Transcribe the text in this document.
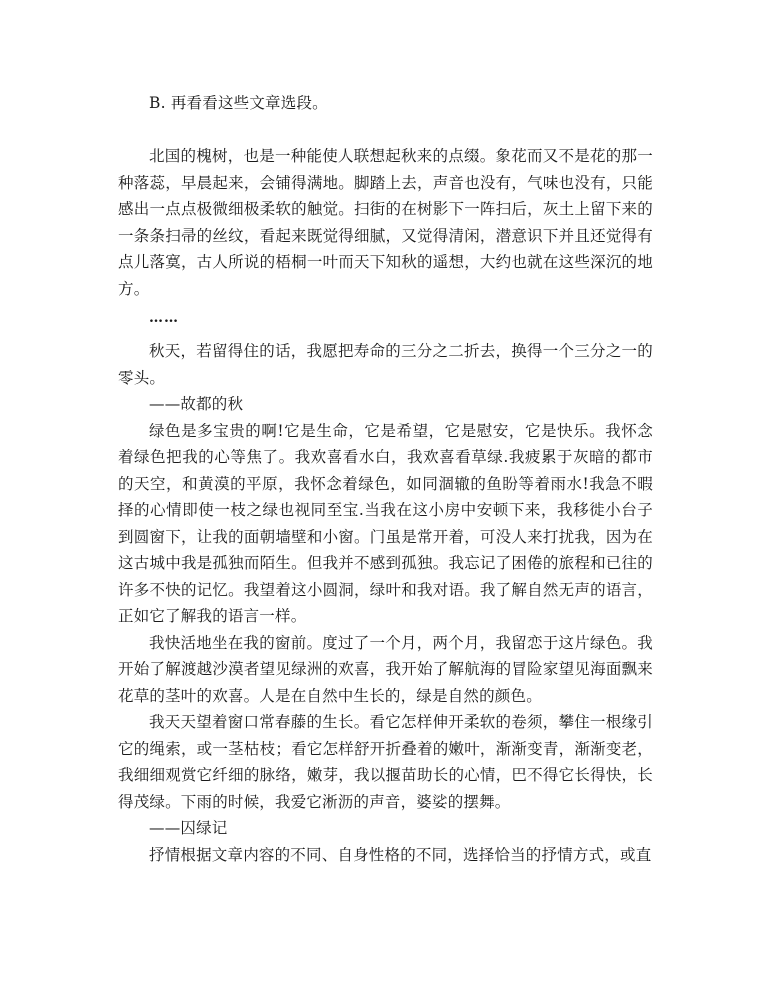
B. 再看看这些文章选段。

北国的槐树，也是一种能使人联想起秋来的点缀。象花而又不是花的那一种落蕊，早晨起来，会铺得满地。脚踏上去，声音也没有，气味也没有，只能感出一点点极微细极柔软的触觉。扫街的在树影下一阵扫后，灰土上留下来的一条条扫帚的丝纹，看起来既觉得细腻，又觉得清闲，潜意识下并且还觉得有点儿落寞，古人所说的梧桐一叶而天下知秋的遥想，大约也就在这些深沉的地方。

……

秋天，若留得住的话，我愿把寿命的三分之二折去，换得一个三分之一的零头。

——故都的秋

绿色是多宝贵的啊!它是生命，它是希望，它是慰安，它是快乐。我怀念着绿色把我的心等焦了。我欢喜看水白，我欢喜看草绿.我疲累于灰暗的都市的天空，和黄漠的平原，我怀念着绿色，如同涸辙的鱼盼等着雨水!我急不暇择的心情即使一枝之绿也视同至宝.当我在这小房中安顿下来，我移徙小台子到圆窗下，让我的面朝墙壁和小窗。门虽是常开着，可没人来打扰我，因为在这古城中我是孤独而陌生。但我并不感到孤独。我忘记了困倦的旅程和已往的许多不快的记忆。我望着这小圆洞，绿叶和我对语。我了解自然无声的语言，正如它了解我的语言一样。

我快活地坐在我的窗前。度过了一个月，两个月，我留恋于这片绿色。我开始了解渡越沙漠者望见绿洲的欢喜，我开始了解航海的冒险家望见海面飘来花草的茎叶的欢喜。人是在自然中生长的，绿是自然的颜色。

我天天望着窗口常春藤的生长。看它怎样伸开柔软的卷须，攀住一根缘引它的绳索，或一茎枯枝；看它怎样舒开折叠着的嫩叶，渐渐变青，渐渐变老，我细细观赏它纤细的脉络，嫩芽，我以揠苗助长的心情，巴不得它长得快，长得茂绿。下雨的时候，我爱它淅沥的声音，婆娑的摆舞。

——囚绿记

抒情根据文章内容的不同、自身性格的不同，选择恰当的抒情方式，或直
